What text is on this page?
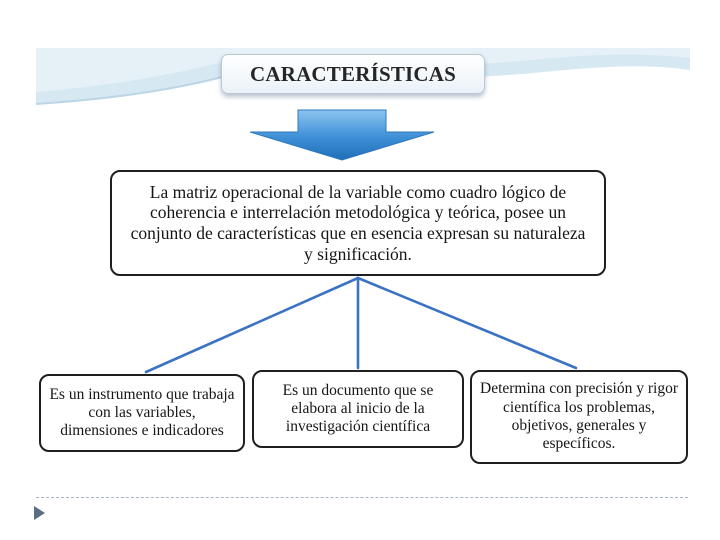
CARACTERÍSTICAS
La matriz operacional de la variable como cuadro lógico de coherencia e interrelación metodológica y teórica, posee un conjunto de características que en esencia expresan su naturaleza y significación.
Es un instrumento que trabaja con las variables, dimensiones e indicadores
Es un documento que se elabora al inicio de la investigación científica
Determina con precisión y rigor científica los problemas, objetivos, generales y específicos.
